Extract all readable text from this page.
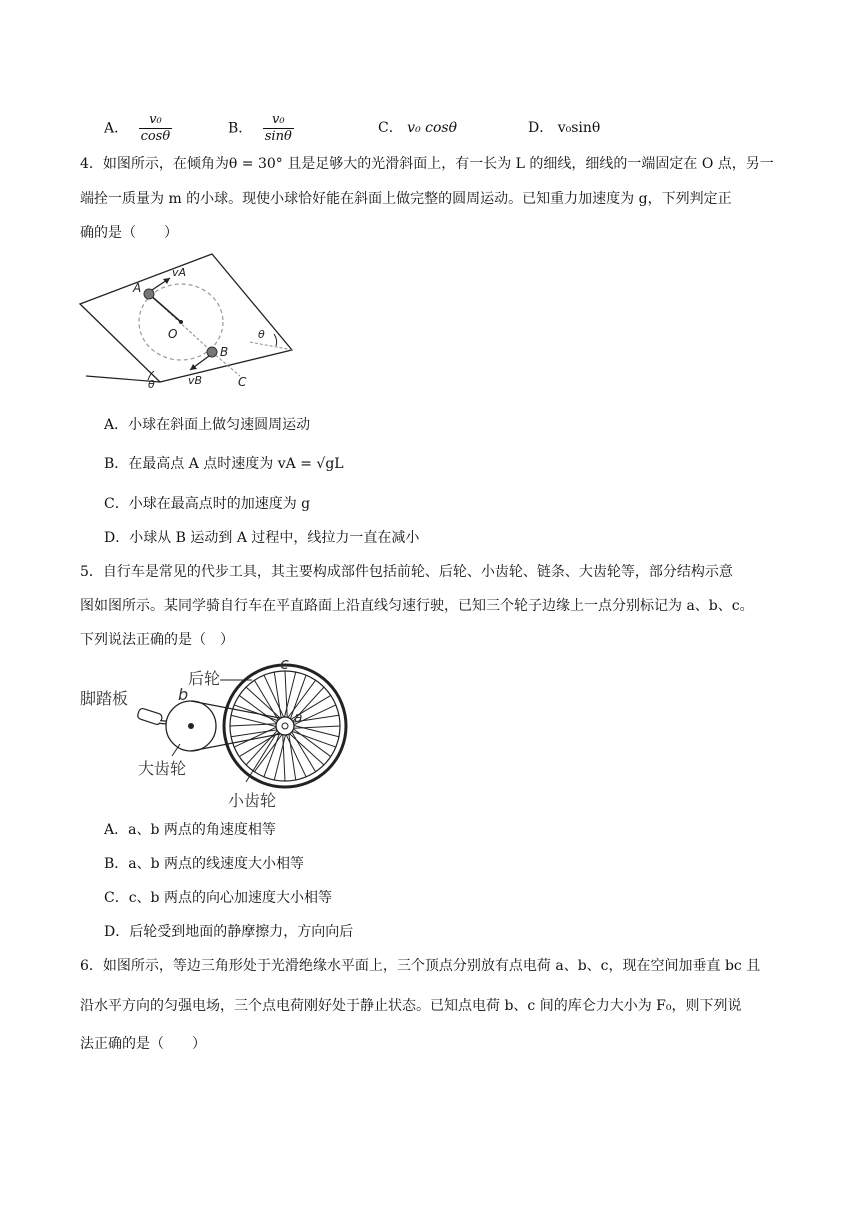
A． $\frac{\text{v₀}}{\cos\theta}$	B． $\frac{\text{v₀}}{\sin\theta}$	C． v₀ cosθ	D． v₀sinθ
4．如图所示，在倾角为θ = 30° 且是足够大的光滑斜面上，有一长为 L 的细线，细线的一端固定在 O 点，另一
端拴一质量为 m 的小球。现使小球恰好能在斜面上做完整的圆周运动。已知重力加速度为 g，下列判定正
确的是（　　）
θ
θ
A
vA
O
B
vB	C
A．小球在斜面上做匀速圆周运动
B．在最高点 A 点时速度为 vA = √gL
C．小球在最高点时的加速度为 g
D．小球从 B 运动到 A 过程中，线拉力一直在减小
5．自行车是常见的代步工具，其主要构成部件包括前轮、后轮、小齿轮、链条、大齿轮等，部分结构示意
图如图所示。某同学骑自行车在平直路面上沿直线匀速行驶，已知三个轮子边缘上一点分别标记为 a、b、c。
下列说法正确的是（　）
脚踏板
后轮
大齿轮
小齿轮
a
b
c
A．a、b 两点的角速度相等
B．a、b 两点的线速度大小相等
C．c、b 两点的向心加速度大小相等
D．后轮受到地面的静摩擦力，方向向后
6．如图所示，等边三角形处于光滑绝缘水平面上，三个顶点分别放有点电荷 a、b、c，现在空间加垂直 bc 且
沿水平方向的匀强电场，三个点电荷刚好处于静止状态。已知点电荷 b、c 间的库仑力大小为 F₀，则下列说
法正确的是（　　）
